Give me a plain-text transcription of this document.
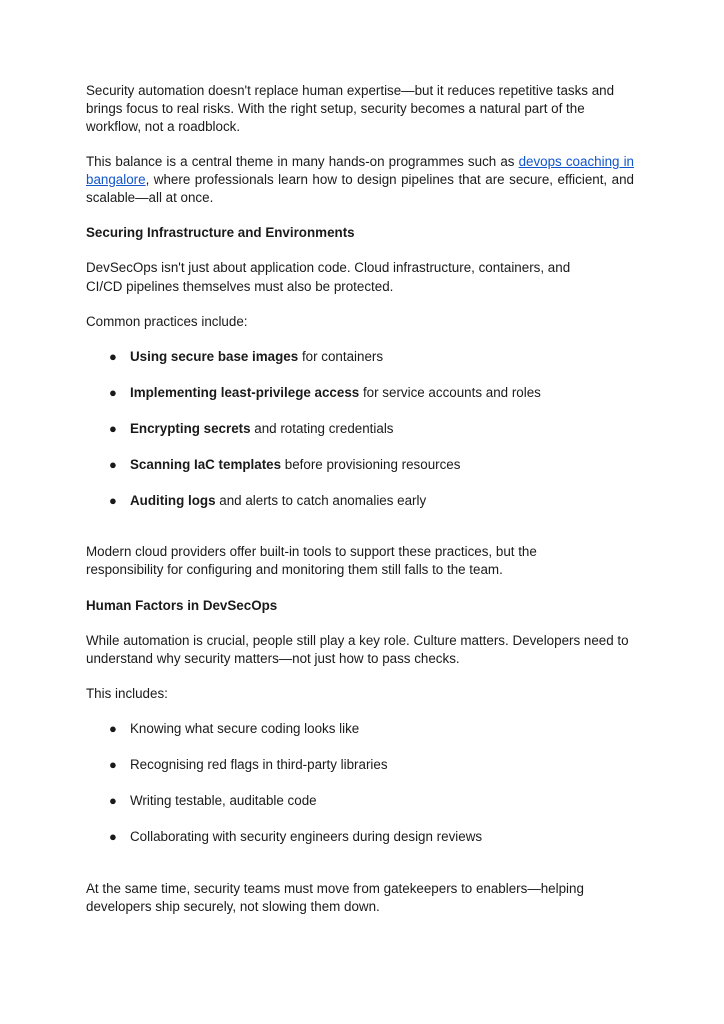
Security automation doesn't replace human expertise—but it reduces repetitive tasks and brings focus to real risks. With the right setup, security becomes a natural part of the workflow, not a roadblock.

This balance is a central theme in many hands-on programmes such as devops coaching in bangalore, where professionals learn how to design pipelines that are secure, efficient, and scalable—all at once.

Securing Infrastructure and Environments

DevSecOps isn't just about application code. Cloud infrastructure, containers, and CI/CD pipelines themselves must also be protected.

Common practices include:

● Using secure base images for containers
● Implementing least-privilege access for service accounts and roles
● Encrypting secrets and rotating credentials
● Scanning IaC templates before provisioning resources
● Auditing logs and alerts to catch anomalies early

Modern cloud providers offer built-in tools to support these practices, but the responsibility for configuring and monitoring them still falls to the team.

Human Factors in DevSecOps

While automation is crucial, people still play a key role. Culture matters. Developers need to understand why security matters—not just how to pass checks.

This includes:

● Knowing what secure coding looks like
● Recognising red flags in third-party libraries
● Writing testable, auditable code
● Collaborating with security engineers during design reviews

At the same time, security teams must move from gatekeepers to enablers—helping developers ship securely, not slowing them down.
